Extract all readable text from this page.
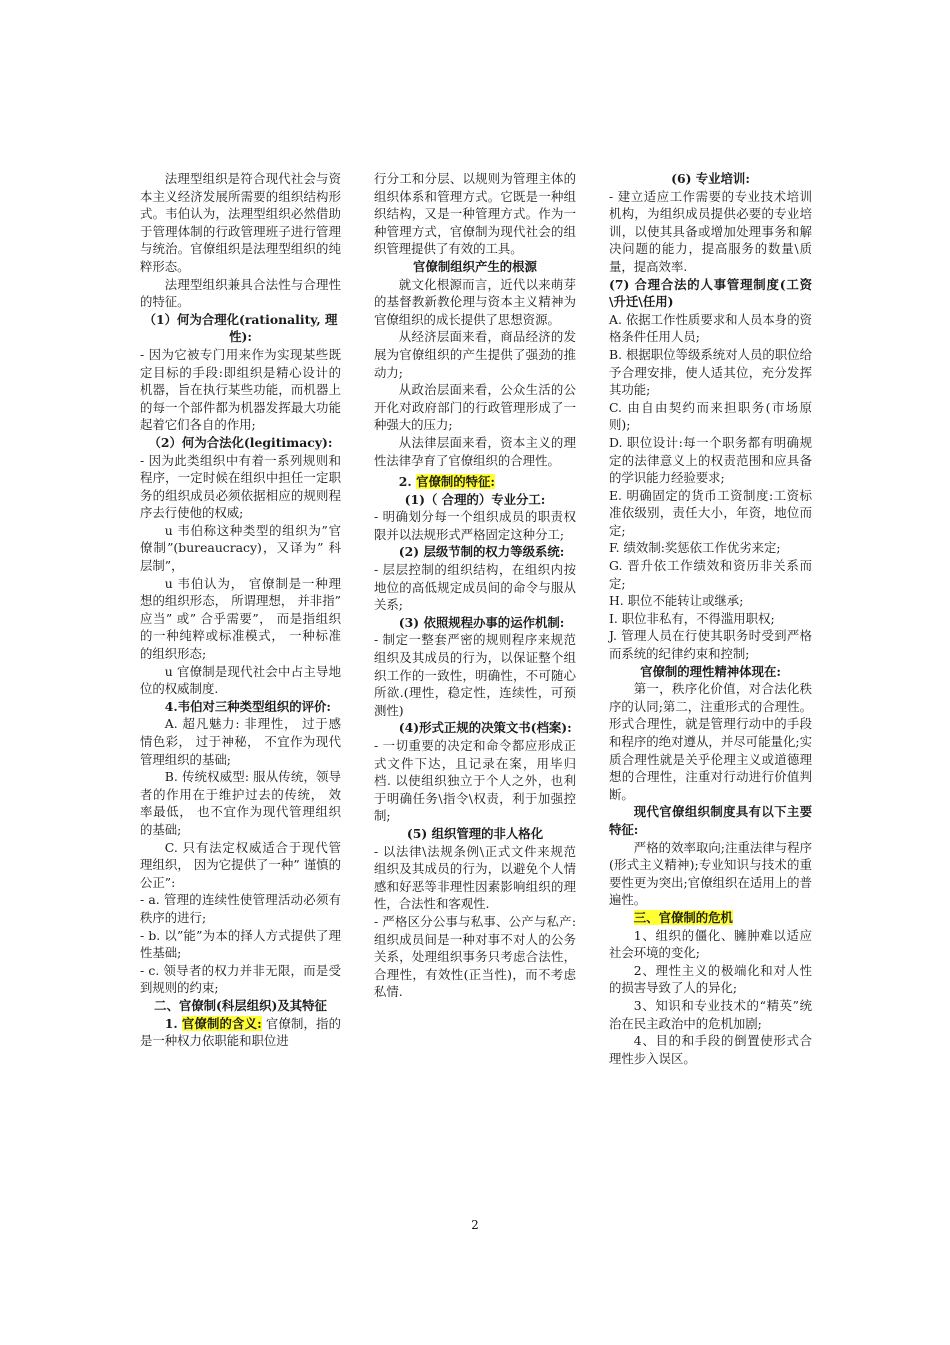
法理型组织是符合现代社会与资本主义经济发展所需要的组织结构形式。韦伯认为，法理型组织必然借助于管理体制的行政管理班子进行管理与统治。官僚组织是法理型组织的纯粹形态。

法理型组织兼具合法性与合理性的特征。

（1）何为合理化(rationality, 理性):

- 因为它被专门用来作为实现某些既定目标的手段:即组织是精心设计的机器，旨在执行某些功能，而机器上的每一个部件都为机器发挥最大功能起着它们各自的作用;

（2）何为合法化(legitimacy):

- 因为此类组织中有着一系列规则和程序，一定时候在组织中担任一定职务的组织成员必须依据相应的规则程序去行使他的权威;

u 韦伯称这种类型的组织为”官僚制”(bureaucracy)，又译为” 科层制”，

u 韦伯认为， 官僚制是一种理想的组织形态， 所谓理想， 并非指” 应当” 或” 合乎需要”， 而是指组织的一种纯粹或标准模式， 一种标准的组织形态;

u 官僚制是现代社会中占主导地位的权威制度.

4.韦伯对三种类型组织的评价:

A. 超凡魅力: 非理性， 过于感情色彩， 过于神秘， 不宜作为现代管理组织的基础;

B. 传统权威型: 服从传统，领导者的作用在于维护过去的传统， 效率最低， 也不宜作为现代管理组织的基础;

C. 只有法定权威适合于现代管理组织， 因为它提供了一种” 谨慎的公正”:

- a. 管理的连续性使管理活动必须有秩序的进行;

- b. 以”能”为本的择人方式提供了理性基础;

- c. 领导者的权力并非无限，而是受到规则的约束;

二、官僚制(科层组织)及其特征

1. 官僚制的含义: 官僚制，指的是一种权力依职能和职位进

行分工和分层、以规则为管理主体的组织体系和管理方式。它既是一种组织结构，又是一种管理方式。作为一种管理方式，官僚制为现代社会的组织管理提供了有效的工具。

官僚制组织产生的根源

就文化根源而言，近代以来萌芽的基督教新教伦理与资本主义精神为官僚组织的成长提供了思想资源。

从经济层面来看，商品经济的发展为官僚组织的产生提供了强劲的推动力;

从政治层面来看，公众生活的公开化对政府部门的行政管理形成了一种强大的压力;

从法律层面来看，资本主义的理性法律孕育了官僚组织的合理性。

2. 官僚制的特征:

(1)（ 合理的）专业分工:

- 明确划分每一个组织成员的职责权限并以法规形式严格固定这种分工;

(2) 层级节制的权力等级系统:

- 层层控制的组织结构，在组织内按地位的高低规定成员间的命令与服从关系;

(3) 依照规程办事的运作机制:

- 制定一整套严密的规则程序来规范组织及其成员的行为，以保证整个组织工作的一致性，明确性，不可随心所欲.(理性，稳定性，连续性，可预测性)

(4)形式正规的决策文书(档案):

- 一切重要的决定和命令都应形成正式文件下达，且记录在案，用毕归档. 以使组织独立于个人之外，也利于明确任务\指令\权责，利于加强控制;

(5) 组织管理的非人格化

- 以法律\法规条例\正式文件来规范组织及其成员的行为，以避免个人情感和好恶等非理性因素影响组织的理性，合法性和客观性.

- 严格区分公事与私事、公产与私产: 组织成员间是一种对事不对人的公务关系，处理组织事务只考虑合法性，合理性，有效性(正当性)，而不考虑私情.

(6) 专业培训:

- 建立适应工作需要的专业技术培训机构，为组织成员提供必要的专业培训，以使其具备或增加处理事务和解决问题的能力，提高服务的数量\质量，提高效率.

(7) 合理合法的人事管理制度(工资\升迁\任用)

A. 依据工作性质要求和人员本身的资格条件任用人员;

B. 根据职位等级系统对人员的职位给予合理安排，使人适其位，充分发挥其功能;

C. 由自由契约而来担职务(市场原则);

D. 职位设计:每一个职务都有明确规定的法律意义上的权责范围和应具备的学识能力经验要求;

E. 明确固定的货币工资制度:工资标准依级别，责任大小，年资，地位而定;

F. 绩效制:奖惩依工作优劣来定;

G. 晋升依工作绩效和资历非关系而定;

H. 职位不能转让或继承;

I. 职位非私有，不得滥用职权;

J. 管理人员在行使其职务时受到严格而系统的纪律约束和控制;

官僚制的理性精神体现在:

第一，秩序化价值，对合法化秩序的认同;第二，注重形式的合理性。形式合理性，就是管理行动中的手段和程序的绝对遵从，并尽可能量化;实质合理性就是关乎伦理主义或道德理想的合理性，注重对行动进行价值判断。

现代官僚组织制度具有以下主要特征:

严格的效率取向;注重法律与程序(形式主义精神);专业知识与技术的重要性更为突出;官僚组织在适用上的普遍性。

三、官僚制的危机

1、组织的僵化、臃肿难以适应社会环境的变化;

2、理性主义的极端化和对人性的损害导致了人的异化;

3、知识和专业技术的“精英”统治在民主政治中的危机加剧;

4、目的和手段的倒置使形式合理性步入误区。

2
